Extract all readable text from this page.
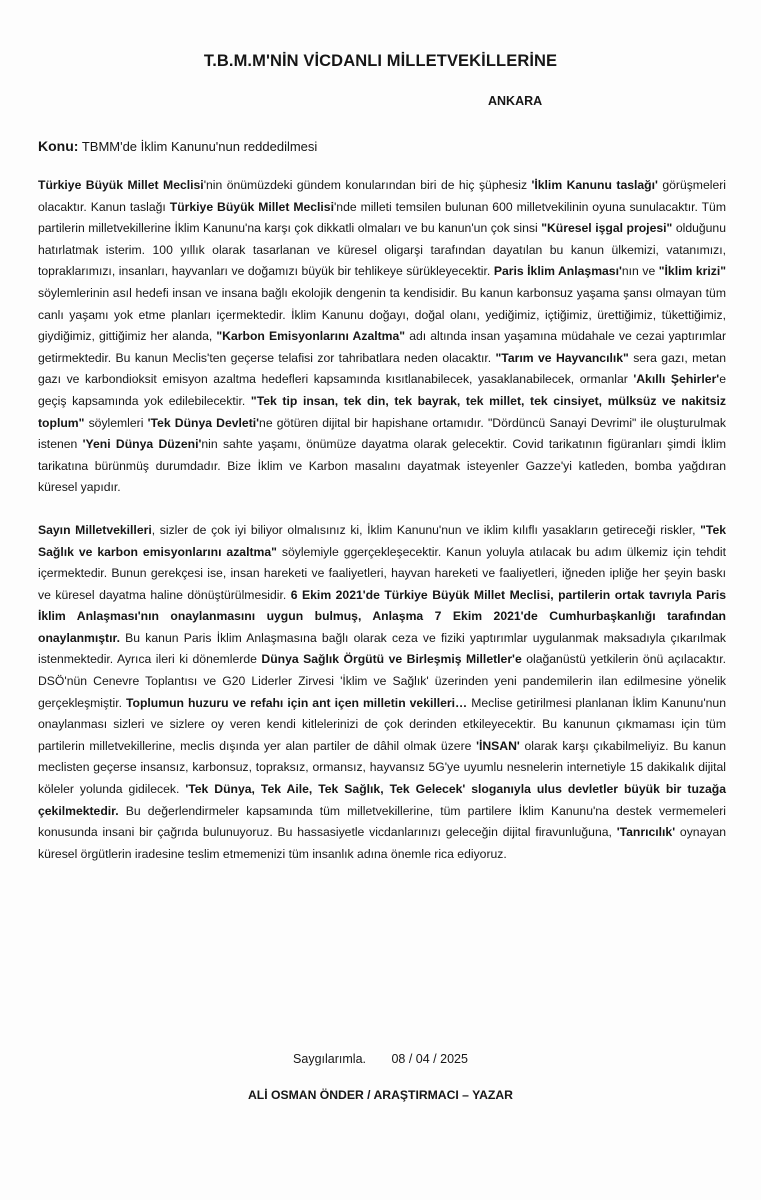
T.B.M.M'NİN VİCDANLI MİLLETVEKİLLERİNE
ANKARA
Konu: TBMM'de İklim Kanunu'nun reddedilmesi

Türkiye Büyük Millet Meclisi'nin önümüzdeki gündem konularından biri de hiç şüphesiz 'İklim Kanunu taslağı' görüşmeleri olacaktır. Kanun taslağı Türkiye Büyük Millet Meclisi'nde milleti temsilen bulunan 600 milletvekilinin oyuna sunulacaktır. Tüm partilerin milletvekillerine İklim Kanunu'na karşı çok dikkatli olmaları ve bu kanun'un çok sinsi "Küresel işgal projesi" olduğunu hatırlatmak isterim. 100 yıllık olarak tasarlanan ve küresel oligarşi tarafından dayatılan bu kanun ülkemizi, vatanımızı, topraklarımızı, insanları, hayvanları ve doğamızı büyük bir tehlikeye sürükleyecektir. Paris İklim Anlaşması'nın ve "İklim krizi" söylemlerinin asıl hedefi insan ve insana bağlı ekolojik dengenin ta kendisidir. Bu kanun karbonsuz yaşama şansı olmayan tüm canlı yaşamı yok etme planları içermektedir. İklim Kanunu doğayı, doğal olanı, yediğimiz, içtiğimiz, ürettiğimiz, tükettiğimiz, giydiğimiz, gittiğimiz her alanda, "Karbon Emisyonlarını Azaltma" adı altında insan yaşamına müdahale ve cezai yaptırımlar getirmektedir. Bu kanun Meclis'ten geçerse telafisi zor tahribatlara neden olacaktır. "Tarım ve Hayvancılık" sera gazı, metan gazı ve karbondioksit emisyon azaltma hedefleri kapsamında kısıtlanabilecek, yasaklanabilecek, ormanlar 'Akıllı Şehirler'e geçiş kapsamında yok edilebilecektir. "Tek tip insan, tek din, tek bayrak, tek millet, tek cinsiyet, mülksüz ve nakitsiz toplum" söylemleri 'Tek Dünya Devleti'ne götüren dijital bir hapishane ortamıdır. "Dördüncü Sanayi Devrimi" ile oluşturulmak istenen 'Yeni Dünya Düzeni'nin sahte yaşamı, önümüze dayatma olarak gelecektir. Covid tarikatının figüranları şimdi İklim tarikatına bürünmüş durumdadır. Bize İklim ve Karbon masalını dayatmak isteyenler Gazze'yi katleden, bomba yağdıran küresel yapıdır.

Sayın Milletvekilleri, sizler de çok iyi biliyor olmalısınız ki, İklim Kanunu'nun ve iklim kılıflı yasakların getireceği riskler, "Tek Sağlık ve karbon emisyonlarını azaltma" söylemiyle ggerçekleşecektir. Kanun yoluyla atılacak bu adım ülkemiz için tehdit içermektedir. Bunun gerekçesi ise, insan hareketi ve faaliyetleri, hayvan hareketi ve faaliyetleri, iğneden ipliğe her şeyin baskı ve küresel dayatma haline dönüştürülmesidir. 6 Ekim 2021'de Türkiye Büyük Millet Meclisi, partilerin ortak tavrıyla Paris İklim Anlaşması'nın onaylanmasını uygun bulmuş, Anlaşma 7 Ekim 2021'de Cumhurbaşkanlığı tarafından onaylanmıştır. Bu kanun Paris İklim Anlaşmasına bağlı olarak ceza ve fiziki yaptırımlar uygulanmak maksadıyla çıkarılmak istenmektedir. Ayrıca ileri ki dönemlerde Dünya Sağlık Örgütü ve Birleşmiş Milletler'e olağanüstü yetkilerin önü açılacaktır. DSÖ'nün Cenevre Toplantısı ve G20 Liderler Zirvesi 'İklim ve Sağlık' üzerinden yeni pandemilerin ilan edilmesine yönelik gerçekleşmiştir. Toplumun huzuru ve refahı için ant içen milletin vekilleri… Meclise getirilmesi planlanan İklim Kanunu'nun onaylanması sizleri ve sizlere oy veren kendi kitlelerinizi de çok derinden etkileyecektir. Bu kanunun çıkmaması için tüm partilerin milletvekillerine, meclis dışında yer alan partiler de dâhil olmak üzere 'İNSAN' olarak karşı çıkabilmeliyiz. Bu kanun meclisten geçerse insansız, karbonsuz, topraksız, ormansız, hayvansız 5G'ye uyumlu nesnelerin internetiyle 15 dakikalık dijital köleler yolunda gidilecek. 'Tek Dünya, Tek Aile, Tek Sağlık, Tek Gelecek' sloganıyla ulus devletler büyük bir tuzağa çekilmektedir. Bu değerlendirmeler kapsamında tüm milletvekillerine, tüm partilere İklim Kanunu'na destek vermemeleri konusunda insani bir çağrıda bulunuyoruz. Bu hassasiyetle vicdanlarınızı geleceğin dijital firavunluğuna, 'Tanrıcılık' oynayan küresel örgütlerin iradesine teslim etmemenizi tüm insanlık adına önemle rica ediyoruz.

Saygılarımla. 08 / 04 / 2025
ALİ OSMAN ÖNDER / ARAŞTIRMACI – YAZAR
